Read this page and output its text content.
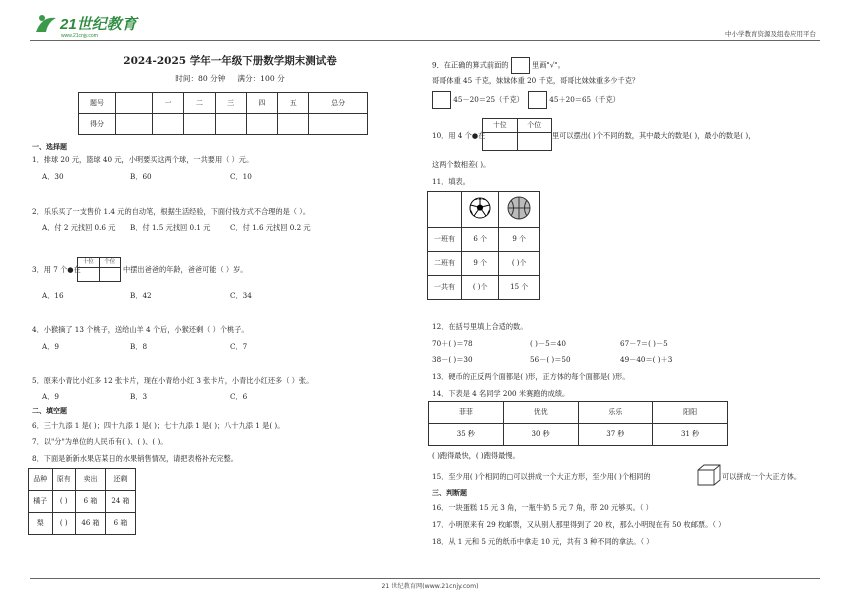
21世纪教育
www.21cnjy.com	中小学教育资源及组卷应用平台
2024-2025 学年一年级下册数学期末测试卷
时间：80 分钟 满分：100 分
题号		一	二	三	四	五	总分
得分							
一、选择题
1．排球 20 元，篮球 40 元，小明要买这两个球，一共要用（ ）元。
A．30	B．60	C．10
2．乐乐买了一支售价 1.4 元的自动笔，根据生活经验，下面付钱方式不合理的是（ ）。
A．付 2 元找回 0.6 元 B．付 1.5 元找回 0.1 元	C．付 1.6 元找回 0.2 元
3．用 7 个●在
十位	个位

中摆出爸爸的年龄，爸爸可能（ ）岁。
A．16	B．42	C．34
4．小猴摘了 13 个桃子，送给山羊 4 个后，小猴还剩（ ）个桃子。
A．9	B．8	C．7
5．原来小青比小红多 12 张卡片，现在小青给小红 3 张卡片，小青比小红还多（ ）张。
A．9	B．3	C．6
二、填空题
6．三十九添 1 是( )；四十九添 1 是( )；七十九添 1 是( )；八十九添 1 是( )。
7．以"分"为单位的人民币有( )、( )、( )。
8．下面是新新水果店某日的水果销售情况，请把表格补充完整。
品种	原有	卖出	还剩
橘子	( )	6 箱	24 箱
梨	( )	46 箱	6 箱
9．在正确的算式前面的	里画"√"。
哥哥体重 45 千克，妹妹体重 20 千克，哥哥比妹妹重多少千克？
45－20＝25（千克）	45＋20＝65（千克）
10．用 4 个●在
十位	个位

里可以摆出( )个不同的数，其中最大的数是( )，最小的数是( )，
这两个数相差( )。
11．填表。

一班有	6 个	9 个
二班有	9 个	( )个
一共有	( )个	15 个
12．在括号里填上合适的数。
70＋( )＝78	( )－5＝40	67－7＝( )－5
38－( )＝30	56－( )＝50	49－40＝( )＋3
13．硬币的正反两个面都是( )形，正方体的每个面都是( )形。
14．下表是 4 名同学 200 米赛跑的成绩。
菲菲	优优	乐乐	阳阳
35 秒	30 秒	37 秒	31 秒
( )跑得最快，( )跑得最慢。
15．至少用( )个相同的□可以拼成一个大正方形，至少用( )个相同的	可以拼成一个大正方体。
三、判断题
16．一块蛋糕 15 元 3 角，一瓶牛奶 5 元 7 角，带 20 元够买。（ ）
17．小明原来有 29 枚邮票，又从别人那里得到了 20 枚，那么小明现在有 50 枚邮票。（ ）
18．从 1 元和 5 元的纸币中拿走 10 元，共有 3 种不同的拿法。（ ）
21 世纪教育网(www.21cnjy.com)
